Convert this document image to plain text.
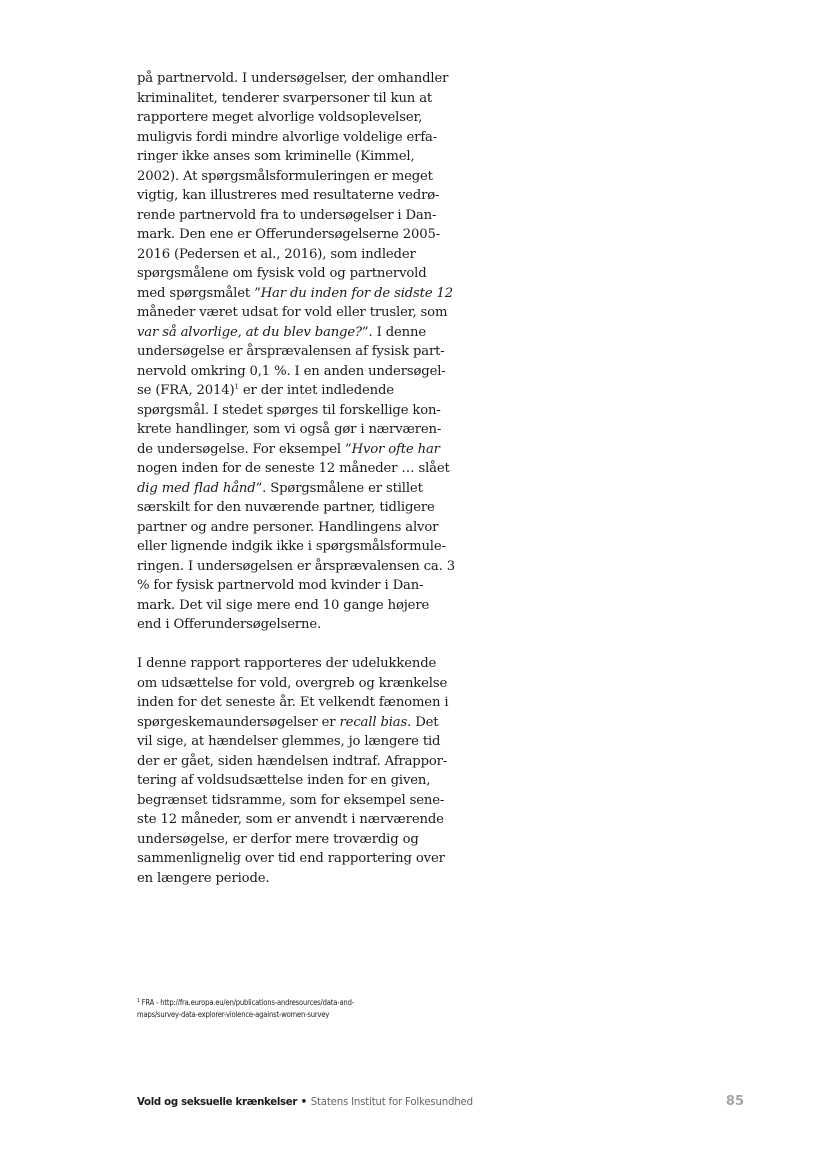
på partnervold. I undersøgelser, der omhandler
kriminalitet, tenderer svarpersoner til kun at
rapportere meget alvorlige voldsoplevelser,
muligvis fordi mindre alvorlige voldelige erfa-
ringer ikke anses som kriminelle (Kimmel,
2002). At spørgsmålsformuleringen er meget
vigtig, kan illustreres med resultaterne vedrø-
rende partnervold fra to undersøgelser i Dan-
mark. Den ene er Offerundersøgelserne 2005-
2016 (Pedersen et al., 2016), som indleder
spørgsmålene om fysisk vold og partnervold
med spørgsmålet ”Har du inden for de sidste 12
måneder været udsat for vold eller trusler, som
var så alvorlige, at du blev bange?”. I denne
undersøgelse er årsprævalensen af fysisk part-
nervold omkring 0,1 %. I en anden undersøgel-
se (FRA, 2014)$^1$ er der intet indledende
spørgsmål. I stedet spørges til forskellige kon-
krete handlinger, som vi også gør i nærværen-
de undersøgelse. For eksempel ”Hvor ofte har
nogen inden for de seneste 12 måneder … slået
dig med flad hånd”. Spørgsmålene er stillet
særskilt for den nuværende partner, tidligere
partner og andre personer. Handlingens alvor
eller lignende indgik ikke i spørgsmålsformule-
ringen. I undersøgelsen er årsprævalensen ca. 3
% for fysisk partnervold mod kvinder i Dan-
mark. Det vil sige mere end 10 gange højere
end i Offerundersøgelserne.
I denne rapport rapporteres der udelukkende
om udsættelse for vold, overgreb og krænkelse
inden for det seneste år. Et velkendt fænomen i
spørgeskemaundersøgelser er recall bias. Det
vil sige, at hændelser glemmes, jo længere tid
der er gået, siden hændelsen indtraf. Afrappor-
tering af voldsudsættelse inden for en given,
begrænset tidsramme, som for eksempel sene-
ste 12 måneder, som er anvendt i nærværende
undersøgelse, er derfor mere troværdig og
sammenlignelig over tid end rapportering over
en længere periode.
$^1$ FRA - http://fra.europa.eu/en/publications-andresources/data-and-
maps/survey-data-explorer-violence-against-women-survey
Vold og seksuelle krænkelser • Statens Institut for Folkesundhed	85
